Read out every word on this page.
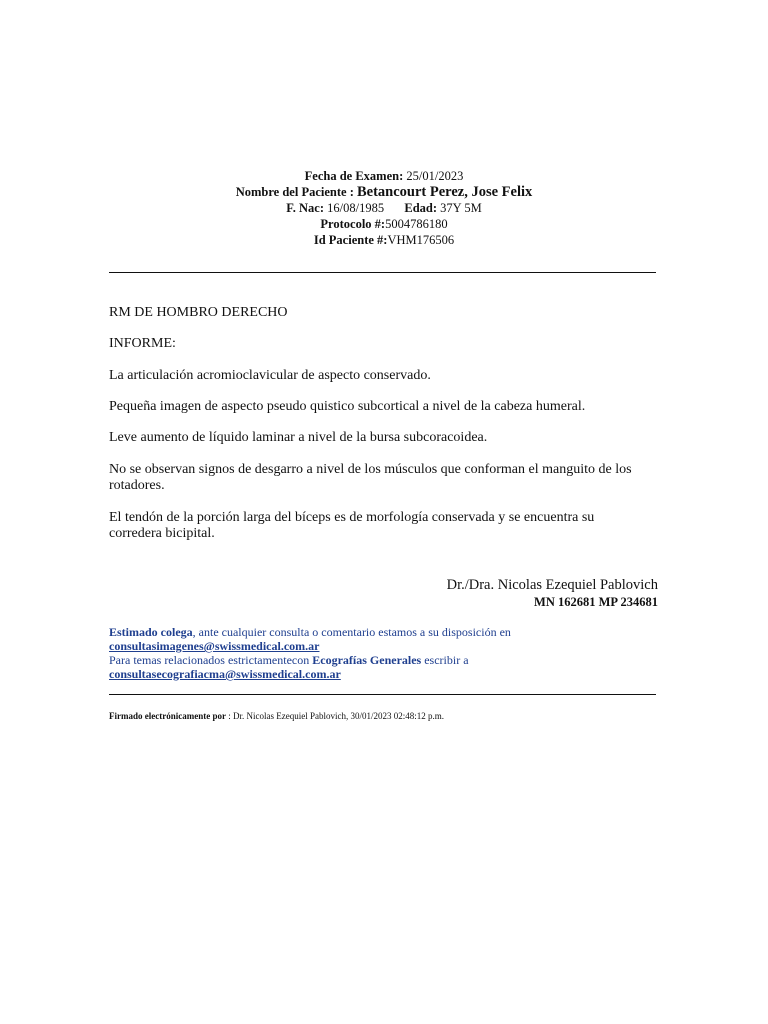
Fecha de Examen: 25/01/2023
Nombre del Paciente : Betancourt Perez, Jose Felix
F. Nac: 16/08/1985 Edad: 37Y 5M
Protocolo #:5004786180
Id Paciente #:VHM176506

RM DE HOMBRO DERECHO

INFORME:

La articulación acromioclavicular de aspecto conservado.

Pequeña imagen de aspecto pseudo quistico subcortical a nivel de la cabeza humeral.

Leve aumento de líquido laminar a nivel de la bursa subcoracoidea.

No se observan signos de desgarro a nivel de los músculos que conforman el manguito de los rotadores.

El tendón de la porción larga del bíceps es de morfología conservada y se encuentra su corredera bicipital.

Dr./Dra. Nicolas Ezequiel Pablovich
MN 162681 MP 234681
Estimado colega, ante cualquier consulta o comentario estamos a su disposición en
consultasimagenes@swissmedical.com.ar
Para temas relacionados estrictamentecon Ecografías Generales escribir a
consultasecografiacma@swissmedical.com.ar
Firmado electrónicamente por : Dr. Nicolas Ezequiel Pablovich, 30/01/2023 02:48:12 p.m.
